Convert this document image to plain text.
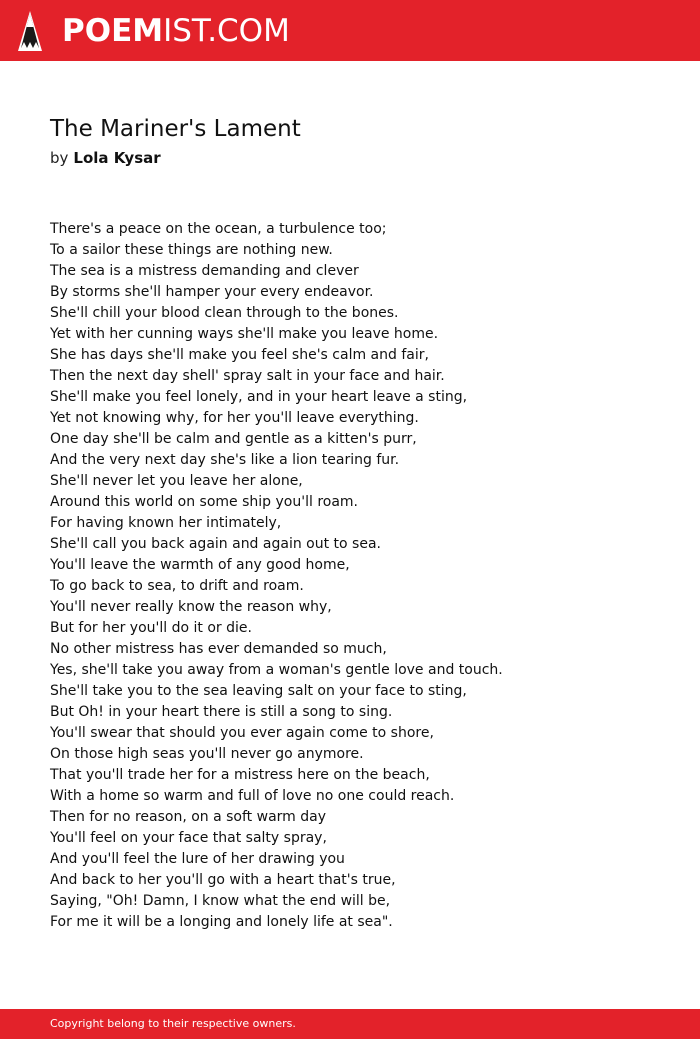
POEMIST.COM
The Mariner's Lament
by Lola Kysar
There's a peace on the ocean, a turbulence too;
To a sailor these things are nothing new.
The sea is a mistress demanding and clever
By storms she'll hamper your every endeavor.
She'll chill your blood clean through to the bones.
Yet with her cunning ways she'll make you leave home.
She has days she'll make you feel she's calm and fair,
Then the next day shell' spray salt in your face and hair.
She'll make you feel lonely, and in your heart leave a sting,
Yet not knowing why, for her you'll leave everything.
One day she'll be calm and gentle as a kitten's purr,
And the very next day she's like a lion tearing fur.
She'll never let you leave her alone,
Around this world on some ship you'll roam.
For having known her intimately,
She'll call you back again and again out to sea.
You'll leave the warmth of any good home,
To go back to sea, to drift and roam.
You'll never really know the reason why,
But for her you'll do it or die.
No other mistress has ever demanded so much,
Yes, she'll take you away from a woman's gentle love and touch.
She'll take you to the sea leaving salt on your face to sting,
But Oh! in your heart there is still a song to sing.
You'll swear that should you ever again come to shore,
On those high seas you'll never go anymore.
That you'll trade her for a mistress here on the beach,
With a home so warm and full of love no one could reach.
Then for no reason, on a soft warm day
You'll feel on your face that salty spray,
And you'll feel the lure of her drawing you
And back to her you'll go with a heart that's true,
Saying, "Oh! Damn, I know what the end will be,
For me it will be a longing and lonely life at sea".
Copyright belong to their respective owners.
